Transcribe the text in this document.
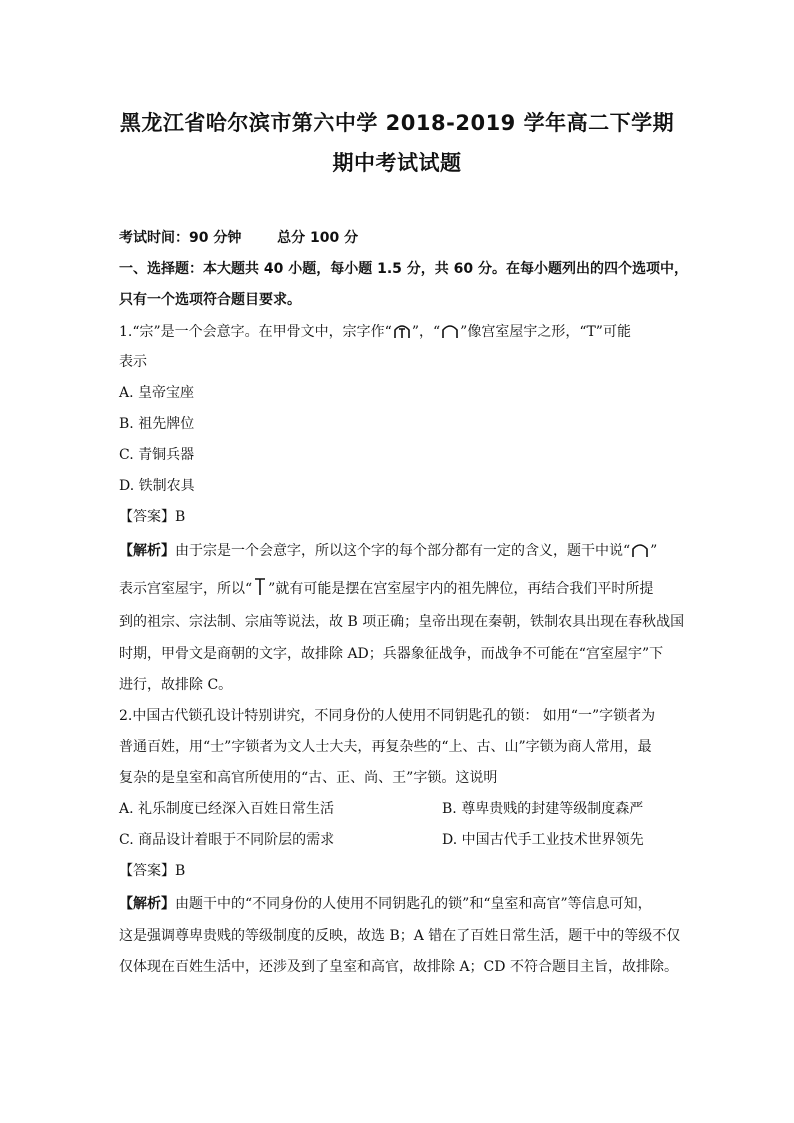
黑龙江省哈尔滨市第六中学 2018-2019 学年高二下学期
期中考试试题
考试时间：90 分钟	总分 100 分
一、选择题：本大题共 40 小题，每小题 1.5 分，共 60 分。在每小题列出的四个选项中，
只有一个选项符合题目要求。
1.“宗”是一个会意字。在甲骨文中，宗字作“ ”，“ ”像宫室屋宇之形，“T”可能
表示
A. 皇帝宝座
B. 祖先牌位
C. 青铜兵器
D. 铁制农具
【答案】B
【解析】由于宗是一个会意字，所以这个字的每个部分都有一定的含义，题干中说“ ”
表示宫室屋宇，所以“ ”就有可能是摆在宫室屋宇内的祖先牌位，再结合我们平时所提
到的祖宗、宗法制、宗庙等说法，故 B 项正确；皇帝出现在秦朝，铁制农具出现在春秋战国
时期，甲骨文是商朝的文字，故排除 AD；兵器象征战争，而战争不可能在“宫室屋宇”下
进行，故排除 C。
2.中国古代锁孔设计特别讲究，不同身份的人使用不同钥匙孔的锁： 如用“一”字锁者为
普通百姓，用“士”字锁者为文人士大夫，再复杂些的“上、古、山”字锁为商人常用，最
复杂的是皇室和高官所使用的“古、正、尚、王”字锁。这说明
A. 礼乐制度已经深入百姓日常生活	B. 尊卑贵贱的封建等级制度森严
C. 商品设计着眼于不同阶层的需求	D. 中国古代手工业技术世界领先
【答案】B
【解析】由题干中的“不同身份的人使用不同钥匙孔的锁”和“皇室和高官”等信息可知，
这是强调尊卑贵贱的等级制度的反映，故选 B；A 错在了百姓日常生活，题干中的等级不仅
仅体现在百姓生活中，还涉及到了皇室和高官，故排除 A；CD 不符合题目主旨，故排除。
